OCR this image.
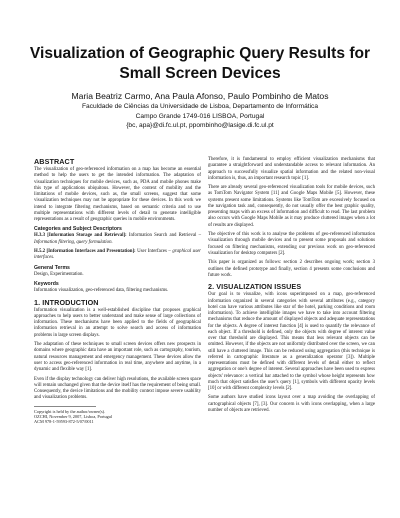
Visualization of Geographic Query Results for
Small Screen Devices
Maria Beatriz Carmo, Ana Paula Afonso, Paulo Pombinho de Matos
Faculdade de Ciências da Universidade de Lisboa, Departamento de Informática
Campo Grande 1749-016 LISBOA, Portugal
{bc, apa}@di.fc.ul.pt, ppombinho@lasige.di.fc.ul.pt
ABSTRACT

The visualization of geo-referenced information on a map has become an essential method to help the users to get the intended information. The adaptation of visualization techniques for mobile devices, such as, PDA and mobile phones make this type of applications ubiquitous. However, the context of mobility and the limitations of mobile devices, such as, the small screens, suggest that some visualization techniques may not be appropriate for these devices. In this work we intend to integrate filtering mechanisms, based on semantic criteria and to use multiple representations with different levels of detail to generate intelligible representations as a result of geographic queries in mobile environments.

Categories and Subject Descriptors

H.3.3 [Information Storage and Retrieval]: Information Search and Retrieval – Information filtering, query formulation.

H.5.2 [Information Interfaces and Presentation]: User Interfaces – graphical user interfaces.

General Terms

Design, Experimentation.

Keywords

Information visualization, geo-referenced data, filtering mechanisms.

1. INTRODUCTION

Information visualization is a well-established discipline that proposes graphical approaches to help users to better understand and make sense of large collections of information. These mechanisms have been applied to the fields of geographical information retrieval in an attempt to solve search and access of information problems in large screen displays.

The adaptation of these techniques to small screen devices offers new prospects in domains where geographic data have an important role, such as cartography, tourism, natural resources management and emergency management. These devices allow the user to access geo-referenced information in real time, anywhere and anytime, in a dynamic and flexible way [1].

Even if the display technology can deliver high resolutions, the available screen space will remain unchanged given that the device itself has the requirement of being small. Consequently, the device limitations and the mobility context impose severe usability and visualization problems.

Copyright is held by the author/owner(s).
OZCHI, November 9, 2007, Lisboa, Portugal
ACM 978-1-59593-872-5/07/0011

Therefore, it is fundamental to employ efficient visualization mechanisms that guarantee a straightforward and understandable access to relevant information. An approach to successfully visualize spatial information and the related non-visual information is, thus, an important research topic [1].

There are already several geo-referenced visualization tools for mobile devices, such as TomTom Navigator System [11] and Google Maps Mobile [5]. However, these systems present some limitations. Systems like TomTom are excessively focused on the navigation task and, consequently, do not usually offer the best graphic quality, presenting maps with an excess of information and difficult to read. The last problem also occurs with Google Maps Mobile as it may produce cluttered images when a lot of results are displayed.

The objective of this work is to analyse the problems of geo-referenced information visualization through mobile devices and to present some proposals and solutions focused on filtering mechanisms, extending our previous work on geo-referenced visualization for desktop computers [2].

This paper is organized as follows: section 2 describes ongoing work; section 3 outlines the defined prototype and finally, section 4 presents some conclusions and future work.

2. VISUALIZATION ISSUES

Our goal is to visualize, with icons superimposed on a map, geo-referenced information organized in several categories with several attributes (e.g., category hotel can have various attributes like star of the hotel, parking conditions and room information). To achieve intelligible images we have to take into account filtering mechanisms that reduce the amount of displayed objects and adequate representations for the objects. A degree of interest function [4] is used to quantify the relevance of each object. If a threshold is defined, only the objects with degree of interest value over that threshold are displayed. This means that less relevant objects can be omitted. However, if the objects are not uniformly distributed over the screen, we can still have a cluttered image. This can be reduced using aggregation (this technique is referred in cartographic literature as a generalization operator [3]). Multiple representations must be defined with different levels of detail either to reflect aggregation or one's degree of interest. Several approaches have been used to express objects' relevance: a vertical bar attached to the symbol whose height represents how much that object satisfies the user's query [1], symbols with different opacity levels [10] or with different complexity levels [2].

Some authors have studied icons layout over a map avoiding the overlapping of cartographical objects [7], [3]. Our concern is with icons overlapping, when a large number of objects are retrieved.
